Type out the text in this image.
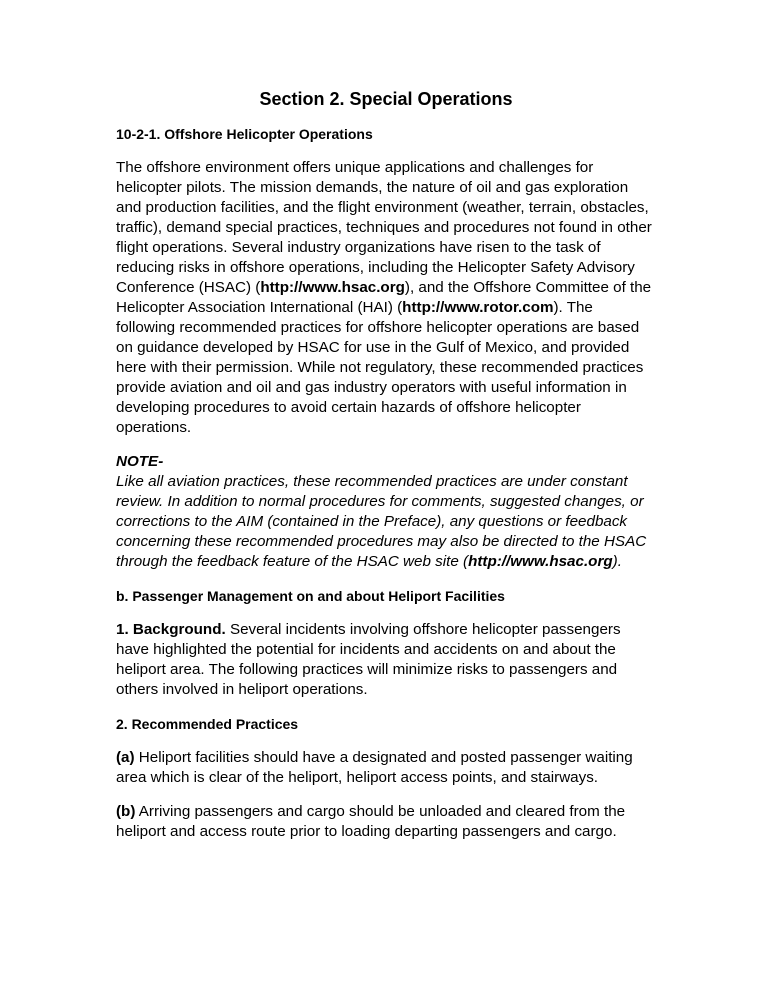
Section 2. Special Operations
10-2-1. Offshore Helicopter Operations

The offshore environment offers unique applications and challenges for helicopter pilots. The mission demands, the nature of oil and gas exploration and production facilities, and the flight environment (weather, terrain, obstacles, traffic), demand special practices, techniques and procedures not found in other flight operations. Several industry organizations have risen to the task of reducing risks in offshore operations, including the Helicopter Safety Advisory Conference (HSAC) (http://www.hsac.org), and the Offshore Committee of the Helicopter Association International (HAI) (http://www.rotor.com). The following recommended practices for offshore helicopter operations are based on guidance developed by HSAC for use in the Gulf of Mexico, and provided here with their permission. While not regulatory, these recommended practices provide aviation and oil and gas industry operators with useful information in developing procedures to avoid certain hazards of offshore helicopter operations.

NOTE-
Like all aviation practices, these recommended practices are under constant review. In addition to normal procedures for comments, suggested changes, or corrections to the AIM (contained in the Preface), any questions or feedback concerning these recommended procedures may also be directed to the HSAC through the feedback feature of the HSAC web site (http://www.hsac.org).
b. Passenger Management on and about Heliport Facilities

1. Background. Several incidents involving offshore helicopter passengers have highlighted the potential for incidents and accidents on and about the heliport area. The following practices will minimize risks to passengers and others involved in heliport operations.

2. Recommended Practices

(a) Heliport facilities should have a designated and posted passenger waiting area which is clear of the heliport, heliport access points, and stairways.

(b) Arriving passengers and cargo should be unloaded and cleared from the heliport and access route prior to loading departing passengers and cargo.
